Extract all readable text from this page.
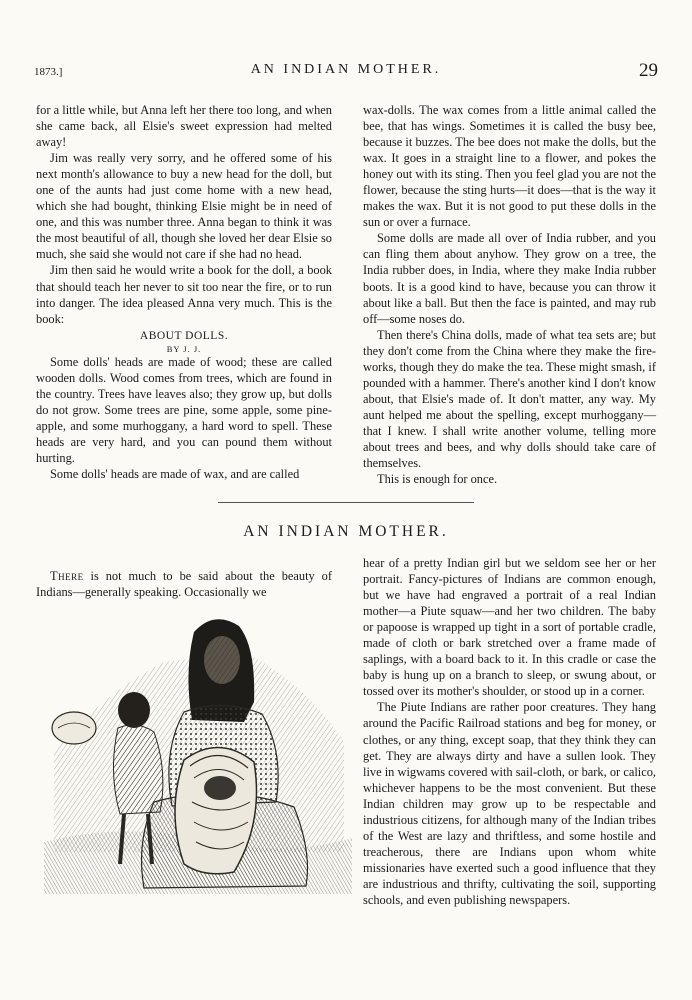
1873.]	AN INDIAN MOTHER.	29

for a little while, but Anna left her there too long, and when she came back, all Elsie's sweet expression had melted away!

Jim was really very sorry, and he offered some of his next month's allowance to buy a new head for the doll, but one of the aunts had just come home with a new head, which she had bought, thinking Elsie might be in need of one, and this was number three. Anna began to think it was the most beautiful of all, though she loved her dear Elsie so much, she said she would not care if she had no head.

Jim then said he would write a book for the doll, a book that should teach her never to sit too near the fire, or to run into danger. The idea pleased Anna very much. This is the book:

ABOUT DOLLS.
BY J. J.

Some dolls' heads are made of wood; these are called wooden dolls. Wood comes from trees, which are found in the country. Trees have leaves also; they grow up, but dolls do not grow. Some trees are pine, some apple, some pine-apple, and some murhoggany, a hard word to spell. These heads are very hard, and you can pound them without hurting.

Some dolls' heads are made of wax, and are called

wax-dolls. The wax comes from a little animal called the bee, that has wings. Sometimes it is called the busy bee, because it buzzes. The bee does not make the dolls, but the wax. It goes in a straight line to a flower, and pokes the honey out with its sting. Then you feel glad you are not the flower, because the sting hurts—it does—that is the way it makes the wax. But it is not good to put these dolls in the sun or over a furnace.

Some dolls are made all over of India rubber, and you can fling them about anyhow. They grow on a tree, the India rubber does, in India, where they make India rubber boots. It is a good kind to have, because you can throw it about like a ball. But then the face is painted, and may rub off—some noses do.

Then there's China dolls, made of what tea sets are; but they don't come from the China where they make the fire-works, though they do make the tea. These might smash, if pounded with a hammer. There's another kind I don't know about, that Elsie's made of. It don't matter, any way. My aunt helped me about the spelling, except murhoggany—that I knew. I shall write another volume, telling more about trees and bees, and why dolls should take care of themselves.

This is enough for once.

AN INDIAN MOTHER.

There is not much to be said about the beauty of Indians—generally speaking. Occasionally we

hear of a pretty Indian girl but we seldom see her or her portrait. Fancy-pictures of Indians are common enough, but we have had engraved a portrait of a real Indian mother—a Piute squaw—and her two children. The baby or papoose is wrapped up tight in a sort of portable cradle, made of cloth or bark stretched over a frame made of saplings, with a board back to it. In this cradle or case the baby is hung up on a branch to sleep, or swung about, or tossed over its mother's shoulder, or stood up in a corner.

The Piute Indians are rather poor creatures. They hang around the Pacific Railroad stations and beg for money, or clothes, or any thing, except soap, that they think they can get. They are always dirty and have a sullen look. They live in wigwams covered with sail-cloth, or bark, or calico, whichever happens to be the most convenient. But these Indian children may grow up to be respectable and industrious citizens, for although many of the Indian tribes of the West are lazy and thriftless, and some hostile and treacherous, there are Indians upon whom white missionaries have exerted such a good influence that they are industrious and thrifty, cultivating the soil, supporting schools, and even publishing newspapers.
